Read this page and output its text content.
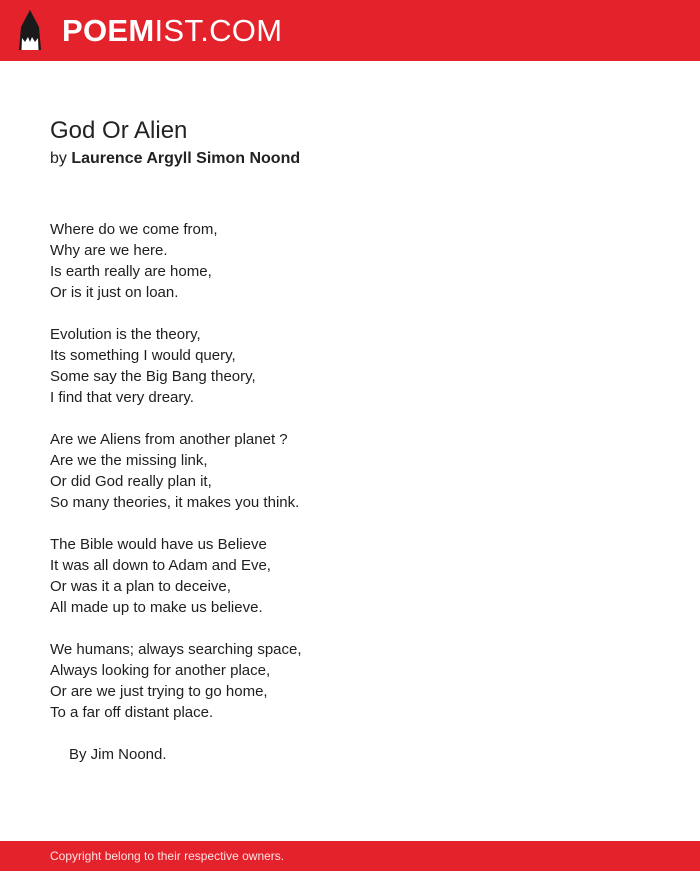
POEMIST.COM
God Or Alien
by Laurence Argyll Simon Noond
Where do we come from,
Why are we here.
Is earth really are home,
Or is it just on loan.
Evolution is the theory,
Its something I would query,
Some say the Big Bang theory,
I find that very dreary.
Are we Aliens from another planet ?
Are we the missing link,
Or did God really plan it,
So many theories, it makes you think.
The Bible would have us Believe
It was all down to Adam and Eve,
Or was it a plan to deceive,
All made up to make us believe.
We humans; always searching space,
Always looking for another place,
Or are we just trying to go home,
To a far off distant place.
By Jim Noond.
Copyright belong to their respective owners.
